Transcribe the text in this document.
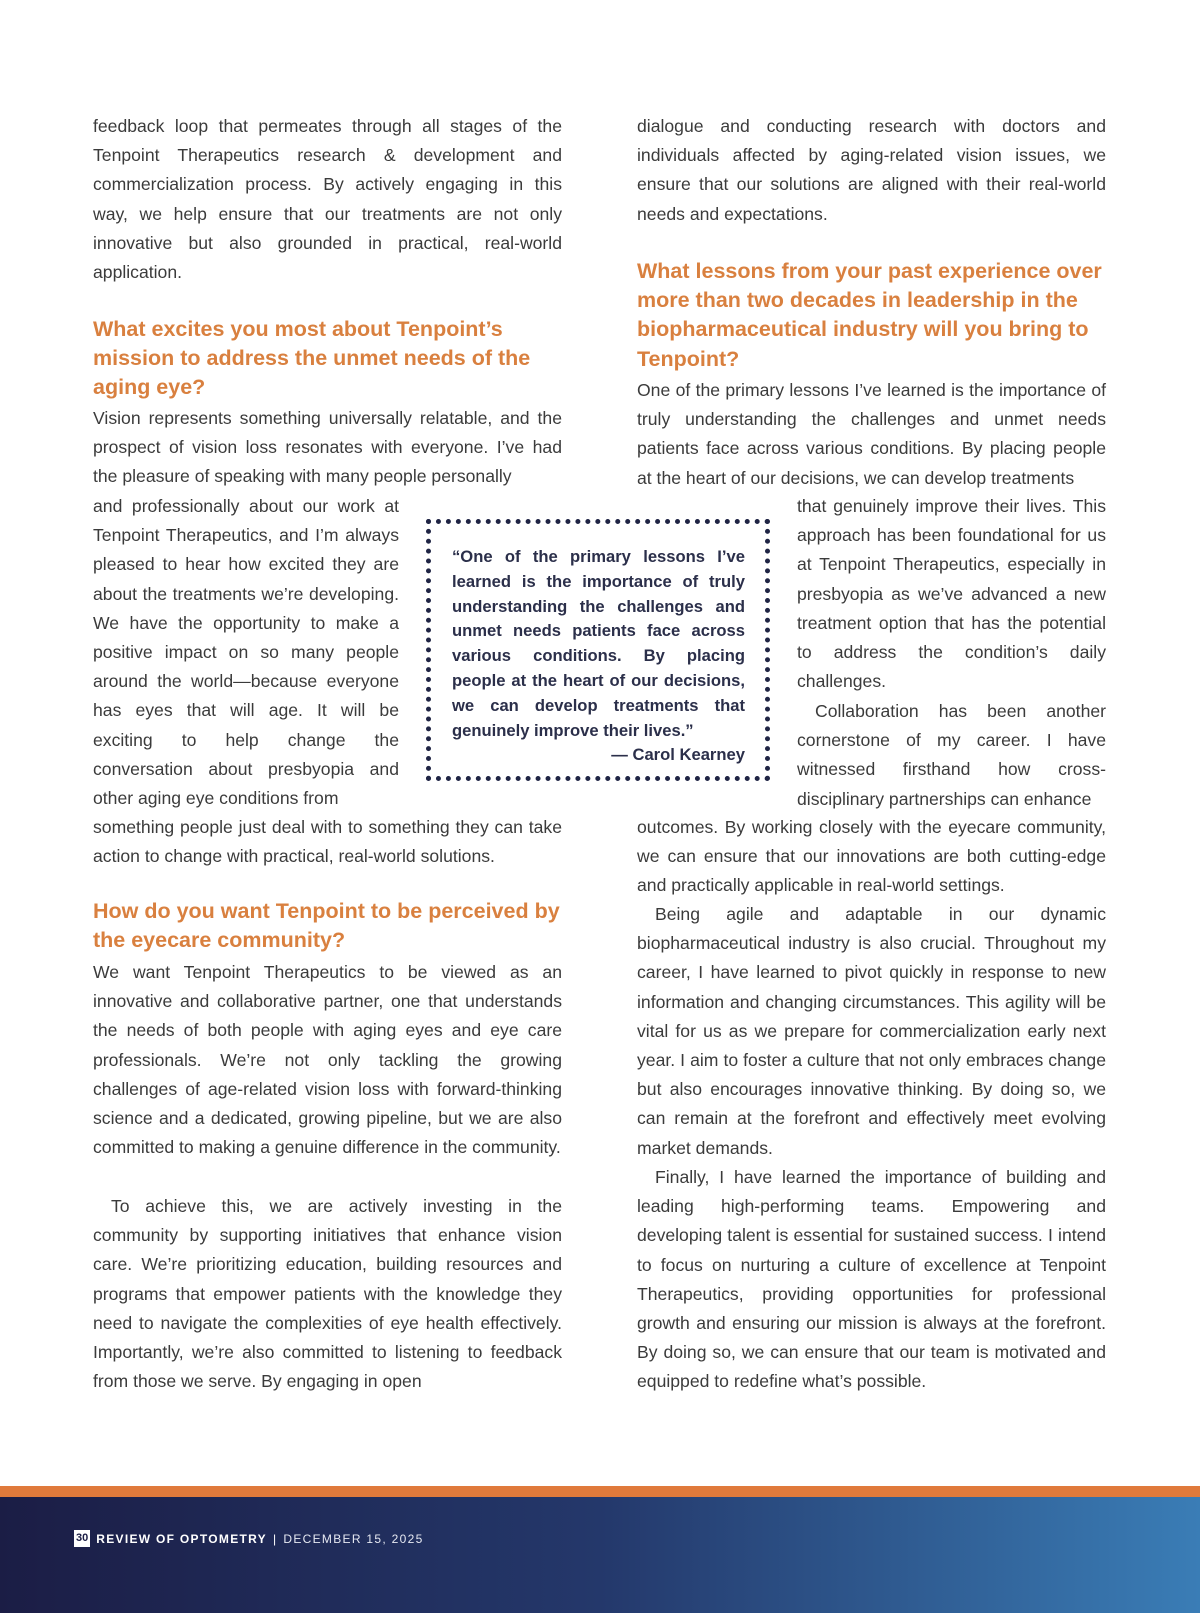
feedback loop that permeates through all stages of the Tenpoint Therapeutics research & development and commercialization process. By actively engaging in this way, we help ensure that our treatments are not only innovative but also grounded in practical, real-world application.

What excites you most about Tenpoint’s mission to address the unmet needs of the aging eye?

Vision represents something universally relatable, and the prospect of vision loss resonates with everyone. I’ve had the pleasure of speaking with many people personally

and professionally about our work at Tenpoint Therapeutics, and I’m always pleased to hear how excited they are about the treatments we’re developing. We have the opportunity to make a positive impact on so many people around the world—because everyone has eyes that will age. It will be exciting to help change the conversation about presbyopia and other aging eye conditions from

something people just deal with to something they can take action to change with practical, real-world solutions.

How do you want Tenpoint to be perceived by the eyecare community?

We want Tenpoint Therapeutics to be viewed as an innovative and collaborative partner, one that understands the needs of both people with aging eyes and eye care professionals. We’re not only tackling the growing challenges of age-related vision loss with forward-thinking science and a dedicated, growing pipeline, but we are also committed to making a genuine difference in the community.

To achieve this, we are actively investing in the community by supporting initiatives that enhance vision care. We’re prioritizing education, building resources and programs that empower patients with the knowledge they need to navigate the complexities of eye health effectively. Importantly, we’re also committed to listening to feedback from those we serve. By engaging in open

“One of the primary lessons I’ve learned is the importance of truly understanding the challenges and unmet needs patients face across various conditions. By placing people at the heart of our decisions, we can develop treatments that genuinely improve their lives.”

— Carol Kearney

dialogue and conducting research with doctors and individuals affected by aging-related vision issues, we ensure that our solutions are aligned with their real-world needs and expectations.

What lessons from your past experience over more than two decades in leadership in the biopharmaceutical industry will you bring to Tenpoint?

One of the primary lessons I’ve learned is the importance of truly understanding the challenges and unmet needs patients face across various conditions. By placing people at the heart of our decisions, we can develop treatments

that genuinely improve their lives. This approach has been foundational for us at Tenpoint Therapeutics, especially in presbyopia as we’ve advanced a new treatment option that has the potential to address the condition’s daily challenges.

Collaboration has been another cornerstone of my career. I have witnessed firsthand how cross-disciplinary partnerships can enhance

outcomes. By working closely with the eyecare community, we can ensure that our innovations are both cutting-edge and practically applicable in real-world settings.

Being agile and adaptable in our dynamic biopharmaceutical industry is also crucial. Throughout my career, I have learned to pivot quickly in response to new information and changing circumstances. This agility will be vital for us as we prepare for commercialization early next year. I aim to foster a culture that not only embraces change but also encourages innovative thinking. By doing so, we can remain at the forefront and effectively meet evolving market demands.

Finally, I have learned the importance of building and leading high-performing teams. Empowering and developing talent is essential for sustained success. I intend to focus on nurturing a culture of excellence at Tenpoint Therapeutics, providing opportunities for professional growth and ensuring our mission is always at the forefront. By doing so, we can ensure that our team is motivated and equipped to redefine what’s possible.

30 REVIEW OF OPTOMETRY | DECEMBER 15, 2025
